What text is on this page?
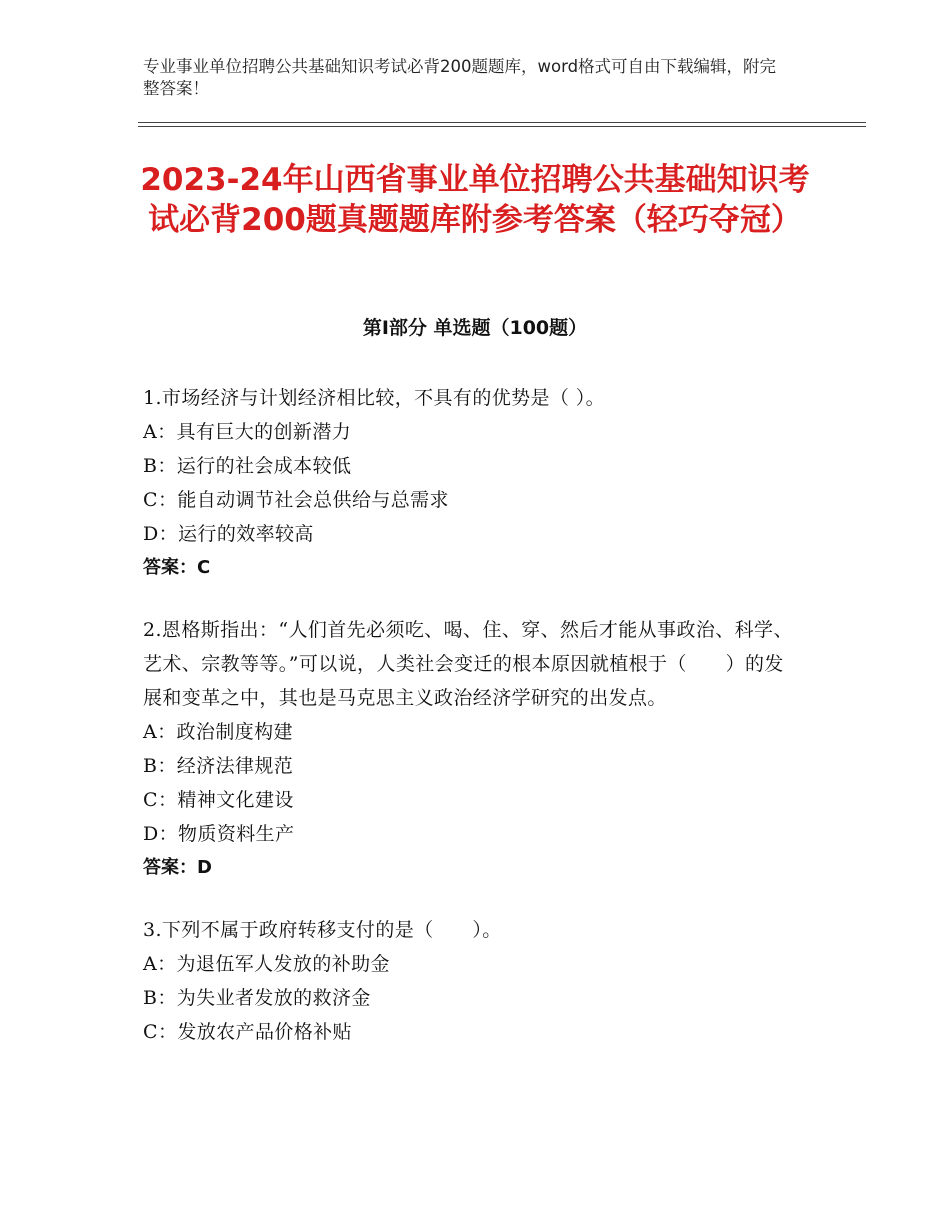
专业事业单位招聘公共基础知识考试必背200题题库，word格式可自由下载编辑，附完整答案！
2023-24年山西省事业单位招聘公共基础知识考试必背200题真题题库附参考答案（轻巧夺冠）
第Ⅰ部分 单选题（100题）
1.市场经济与计划经济相比较，不具有的优势是（ ）。
A：具有巨大的创新潜力
B：运行的社会成本较低
C：能自动调节社会总供给与总需求
D：运行的效率较高
答案：C
2.恩格斯指出：“人们首先必须吃、喝、住、穿、然后才能从事政治、科学、艺术、宗教等等。”可以说，人类社会变迁的根本原因就植根于（　　）的发展和变革之中，其也是马克思主义政治经济学研究的出发点。
A：政治制度构建
B：经济法律规范
C：精神文化建设
D：物质资料生产
答案：D
3.下列不属于政府转移支付的是（　　）。
A：为退伍军人发放的补助金
B：为失业者发放的救济金
C：发放农产品价格补贴
